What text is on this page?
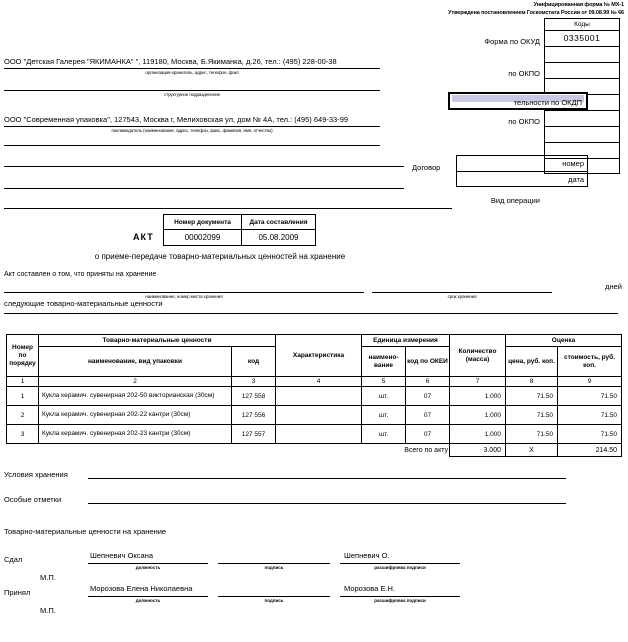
Унифицированная форма № МХ-1
Утверждена постановлением Госкомстата России от 09.08.99 № 66
Коды
0335001
Форма по ОКУД
по ОКПО
по ОКПО
тельности по ОКДП
номер
дата
Договор
Вид операции
ООО "Детская Галерея "ЯКИМАНКА" ", 119180, Москва, Б.Якиманка, д.26, тел.: (495) 228-00-38
организация-хранитель, адрес, телефон, факс
структурное подразделение
ООО "Современная упаковка", 127543, Москва г, Мелиховская ул, дом № 4А, тел.: (495) 649-33-99
поклажедатель (наименование, адрес, телефон, факс, фамилия, имя, отчество)
Номер документа	Дата составления
00002099	05.08.2009
АКТ
о приеме-передаче товарно-материальных ценностей на хранение
Акт составлен о том, что приняты на хранение
наименование, номер места хранения	срок хранения
дней
следующие товарно-материальные ценности
Номер по порядку	Товарно-материальные ценности		Характеристика	Единица измерения		Количество (масса)	Оценка	
	наименование, вид упаковки	код		наимено-вание	код по ОКЕИ		цена, руб. коп.	стоимость, руб. коп.
1	2	3	4	5	6	7	8	9
1	Кукла керамич. сувенирная 202-50 викторианская (30см)	127 558		шт.	07	1.000	71.50	71.50
2	Кукла керамич. сувенирная 202-22 кантри (30см)	127 556		шт.	07	1.000	71.50	71.50
3	Кукла керамич. сувенирная 202-23 кантри (30см)	127 557		шт.	07	1.000	71.50	71.50
Всего по акту						3.000	X	214.50
Условия хранения
Особые отметки
Товарно-материальные ценности на хранение
Сдал	Шепневич Оксана
должность	подпись
Шепневич О.
расшифровка подписи
М.П.
Принял	Морозова Елена Николаевна
должность	подпись
Морозова Е.Н.
расшифровка подписи
М.П.
